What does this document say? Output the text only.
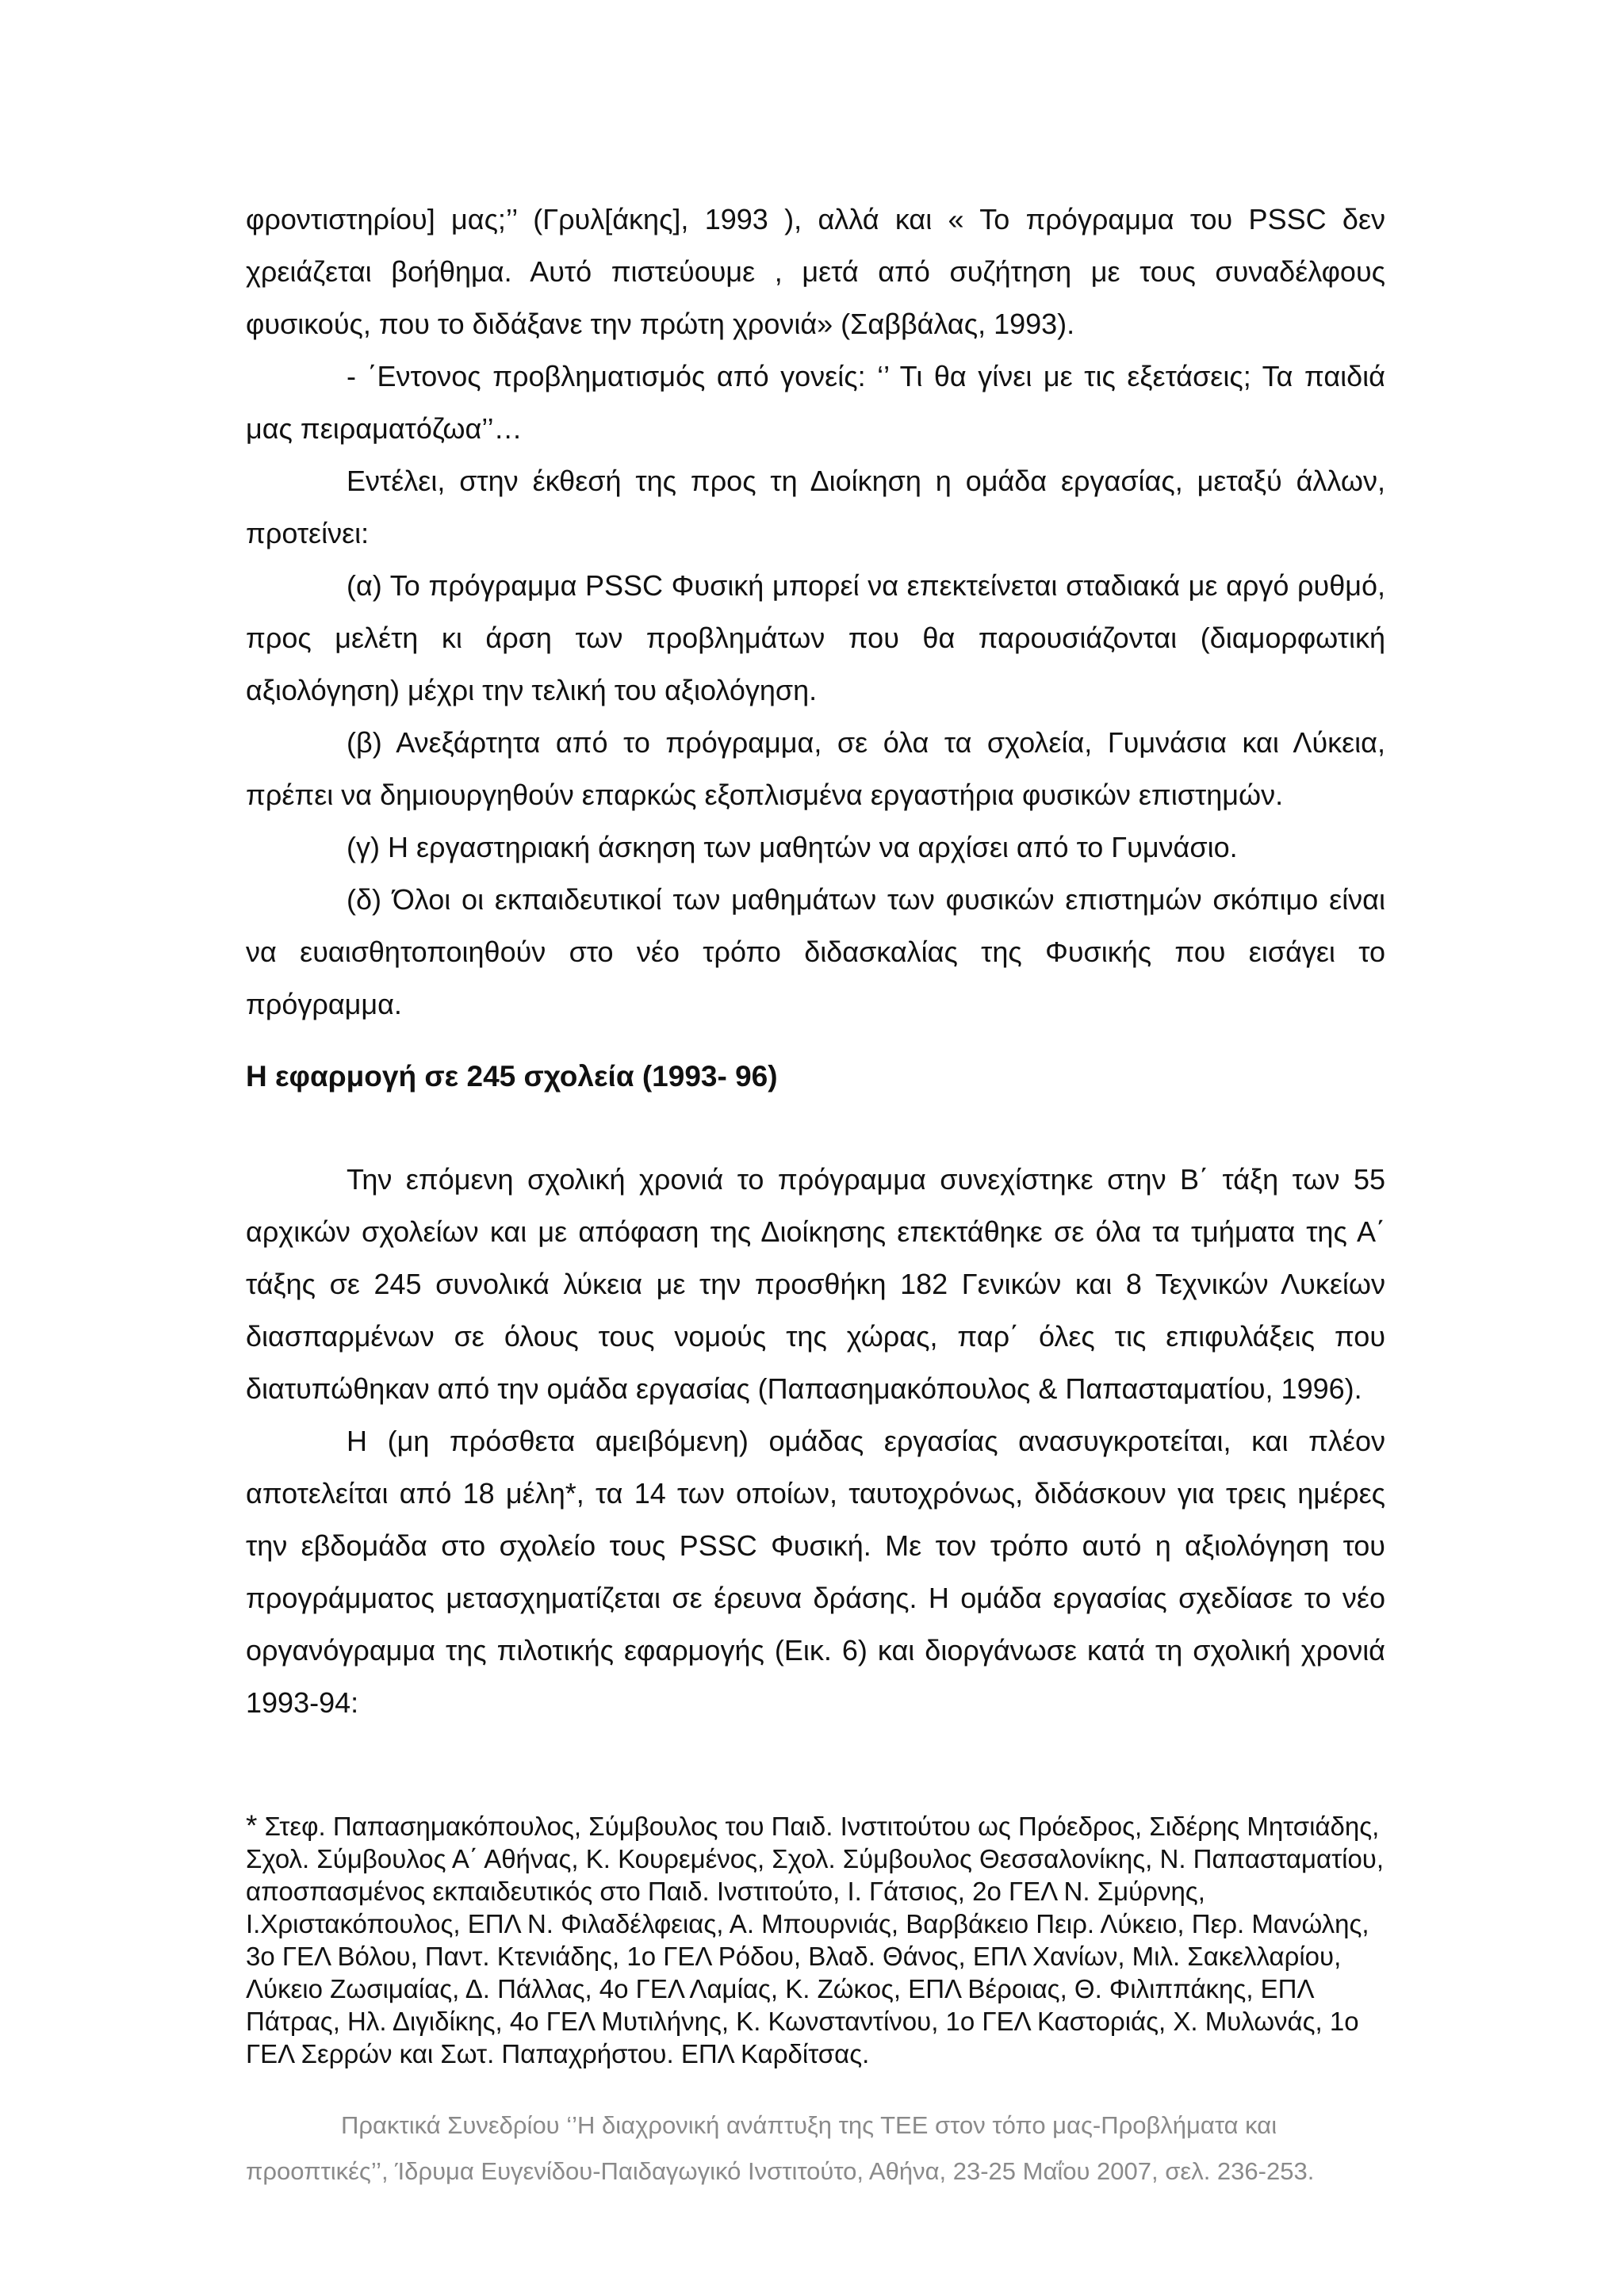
φροντιστηρίου] μας;’’ (Γρυλ[άκης], 1993 ), αλλά και « Το πρόγραμμα του PSSC δεν χρειάζεται βοήθημα. Αυτό πιστεύουμε , μετά από συζήτηση με τους συναδέλφους φυσικούς, που το διδάξανε την πρώτη χρονιά» (Σαββάλας, 1993).

- ΄Εντονος προβληματισμός από γονείς: ‘’ Τι θα γίνει με τις εξετάσεις; Τα παιδιά μας πειραματόζωα’’…

Εντέλει, στην έκθεσή της προς τη Διοίκηση η ομάδα εργασίας, μεταξύ άλλων, προτείνει:

(α) Το πρόγραμμα PSSC Φυσική μπορεί να επεκτείνεται σταδιακά με αργό ρυθμό, προς μελέτη κι άρση των προβλημάτων που θα παρουσιάζονται (διαμορφωτική αξιολόγηση) μέχρι την τελική του αξιολόγηση.

(β) Ανεξάρτητα από το πρόγραμμα, σε όλα τα σχολεία, Γυμνάσια και Λύκεια, πρέπει να δημιουργηθούν επαρκώς εξοπλισμένα εργαστήρια φυσικών επιστημών.

(γ) Η εργαστηριακή άσκηση των μαθητών να αρχίσει από το Γυμνάσιο.

(δ) Όλοι οι εκπαιδευτικοί των μαθημάτων των φυσικών επιστημών σκόπιμο είναι να ευαισθητοποιηθούν στο νέο τρόπο διδασκαλίας της Φυσικής που εισάγει το πρόγραμμα.

Η εφαρμογή σε 245 σχολεία (1993- 96)

Την επόμενη σχολική χρονιά το πρόγραμμα συνεχίστηκε στην Β΄ τάξη των 55 αρχικών σχολείων και με απόφαση της Διοίκησης επεκτάθηκε σε όλα τα τμήματα της Α΄ τάξης σε 245 συνολικά λύκεια με την προσθήκη 182 Γενικών και 8 Τεχνικών Λυκείων διασπαρμένων σε όλους τους νομούς της χώρας, παρ΄ όλες τις επιφυλάξεις που διατυπώθηκαν από την ομάδα εργασίας (Παπασημακόπουλος & Παπασταματίου, 1996).

Η (μη πρόσθετα αμειβόμενη) ομάδας εργασίας ανασυγκροτείται, και πλέον αποτελείται από 18 μέλη*, τα 14 των οποίων, ταυτοχρόνως, διδάσκουν για τρεις ημέρες την εβδομάδα στο σχολείο τους PSSC Φυσική. Με τον τρόπο αυτό η αξιολόγηση του προγράμματος μετασχηματίζεται σε έρευνα δράσης. Η ομάδα εργασίας σχεδίασε το νέο οργανόγραμμα της πιλοτικής εφαρμογής (Εικ. 6) και διοργάνωσε κατά τη σχολική χρονιά 1993-94:

* Στεφ. Παπασημακόπουλος, Σύμβουλος του Παιδ. Ινστιτούτου ως Πρόεδρος, Σιδέρης Μητσιάδης, Σχολ. Σύμβουλος Α΄ Αθήνας, Κ. Κουρεμένος, Σχολ. Σύμβουλος Θεσσαλονίκης, Ν. Παπασταματίου, αποσπασμένος εκπαιδευτικός στο Παιδ. Ινστιτούτο, Ι. Γάτσιος, 2ο ΓΕΛ Ν. Σμύρνης, Ι.Χριστακόπουλος, ΕΠΛ Ν. Φιλαδέλφειας, Α. Μπουρνιάς, Βαρβάκειο Πειρ. Λύκειο, Περ. Μανώλης, 3ο ΓΕΛ Βόλου, Παντ. Κτενιάδης, 1ο ΓΕΛ Ρόδου, Βλαδ. Θάνος, ΕΠΛ Χανίων, Μιλ. Σακελλαρίου, Λύκειο Ζωσιμαίας, Δ. Πάλλας, 4ο ΓΕΛ Λαμίας, Κ. Ζώκος, ΕΠΛ Βέροιας, Θ. Φιλιππάκης, ΕΠΛ Πάτρας, Ηλ. Διγιδίκης, 4ο ΓΕΛ Μυτιλήνης, Κ. Κωνσταντίνου, 1ο ΓΕΛ Καστοριάς, Χ. Μυλωνάς, 1ο ΓΕΛ Σερρών και Σωτ. Παπαχρήστου. ΕΠΛ Καρδίτσας.

Πρακτικά Συνεδρίου ‘’Η διαχρονική ανάπτυξη της ΤΕΕ στον τόπο μας-Προβλήματα και
προοπτικές’’, Ίδρυμα Ευγενίδου-Παιδαγωγικό Ινστιτούτο, Αθήνα, 23-25 Μαΐου 2007, σελ. 236-253.
